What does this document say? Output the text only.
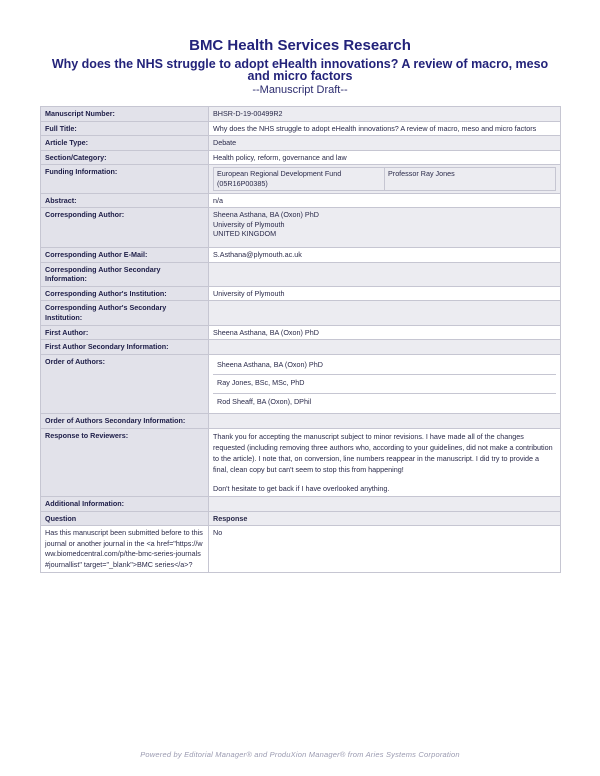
BMC Health Services Research
Why does the NHS struggle to adopt eHealth innovations? A review of macro, meso and micro factors
--Manuscript Draft--
Manuscript Number:	BHSR-D-19-00499R2
Full Title:	Why does the NHS struggle to adopt eHealth innovations? A review of macro, meso and micro factors
Article Type:	Debate
Section/Category:	Health policy, reform, governance and law
Funding Information:		European Regional Development Fund (05R16P00385)	Professor Ray Jones

Abstract:	n/a
Corresponding Author:	Sheena Asthana, BA (Oxon) PhD
University of Plymouth
UNITED KINGDOM

Corresponding Author E-Mail:	S.Asthana@plymouth.ac.uk
Corresponding Author Secondary Information:	
Corresponding Author's Institution:	University of Plymouth
Corresponding Author's Secondary Institution:	
First Author:	Sheena Asthana, BA (Oxon) PhD
First Author Secondary Information:	
Order of Authors:		Sheena Asthana, BA (Oxon) PhD
Ray Jones, BSc, MSc, PhD
Rod Sheaff, BA (Oxon), DPhil

Order of Authors Secondary Information:	
Response to Reviewers:	Thank you for accepting the manuscript subject to minor revisions. I have made all of the changes requested (including removing three authors who, according to your guidelines, did not make a contribution to the article). I note that, on conversion, line numbers reappear in the manuscript. I did try to provide a final, clean copy but can't seem to stop this from happening!
Don't hesitate to get back if I have overlooked anything.

Additional Information:	
Question	Response
Has this manuscript been submitted before to this journal or another journal in the <a href="https://www.biomedcentral.com/p/the-bmc-series-journals#journallist" target="_blank">BMC series</a>?	No
Powered by Editorial Manager® and ProduXion Manager® from Aries Systems Corporation
